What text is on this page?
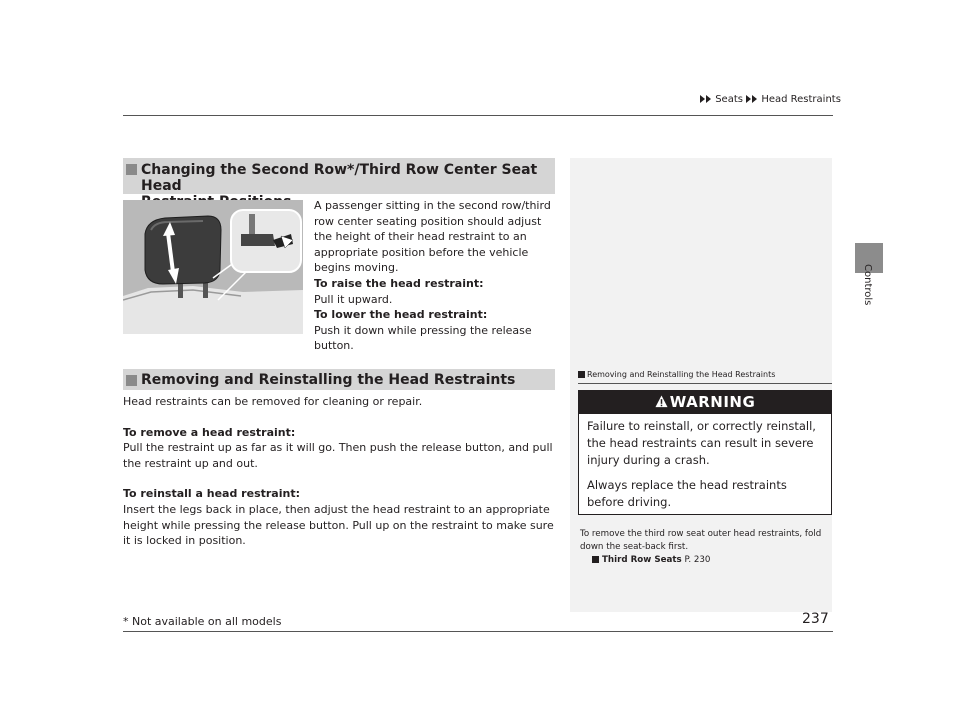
Seats Head Restraints
Controls
Changing the Second Row*/Third Row Center Seat Head
A passenger sitting in the second row/third row center seating position should adjust the height of their head restraint to an appropriate position before the vehicle begins moving.
To raise the head restraint:
Pull it upward.
To lower the head restraint:
Push it down while pressing the release button.
Removing and Reinstalling the Head Restraints

Head restraints can be removed for cleaning or repair.

To remove a head restraint:
Pull the restraint up as far as it will go. Then push the release button, and pull the restraint up and out.

To reinstall a head restraint:
Insert the legs back in place, then adjust the head restraint to an appropriate height while pressing the release button. Pull up on the restraint to make sure it is locked in position.

Removing and Reinstalling the Head Restraints
WARNING

Failure to reinstall, or correctly reinstall, the head restraints can result in severe injury during a crash.

Always replace the head restraints before driving.

To remove the third row seat outer head restraints, fold down the seat-back first.
Third Row Seats P. 230
237
* Not available on all models
